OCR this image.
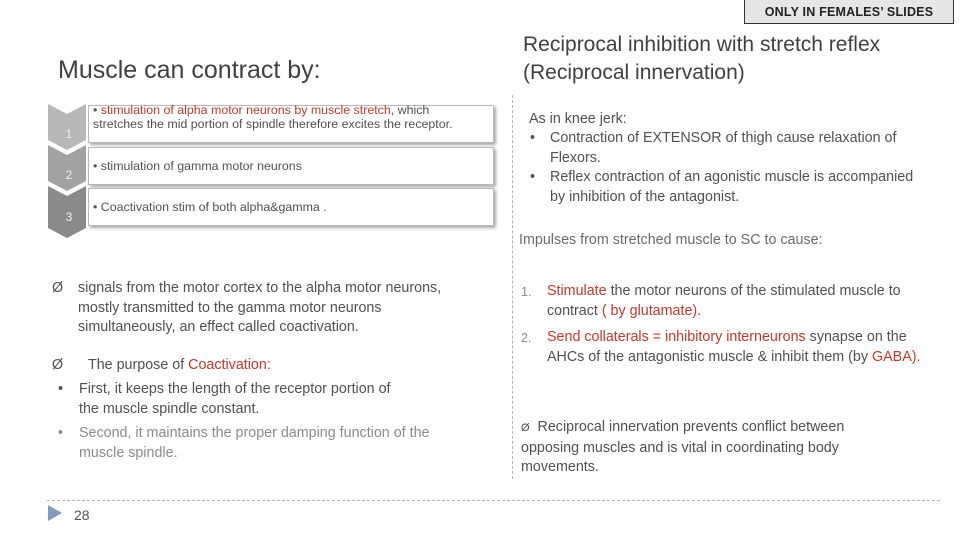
ONLY IN FEMALES’ SLIDES
Muscle can contract by:
Reciprocal inhibition with stretch reflex (Reciprocal innervation)
1
2
3
• stimulation of alpha motor neurons by muscle stretch, which stretches the mid portion of spindle therefore excites the receptor.
• stimulation of gamma motor neurons
• Coactivation stim of both alpha&gamma .
Ø	signals from the motor cortex to the alpha motor neurons, mostly transmitted to the gamma motor neurons simultaneously, an effect called coactivation.
Ø	The purpose of Coactivation:
•	First, it keeps the length of the receptor portion of the muscle spindle constant.
•	Second, it maintains the proper damping function of the muscle spindle.
As in knee jerk:
•	Contraction of EXTENSOR of thigh cause relaxation of Flexors.
•	Reflex contraction of an agonistic muscle is accompanied by inhibition of the antagonist.
Impulses from stretched muscle to SC to cause:
1.	Stimulate the motor neurons of the stimulated muscle to contract ( by glutamate).
2.	Send collaterals = inhibitory interneurons synapse on the AHCs of the antagonistic muscle & inhibit them (by GABA).
Ø Reciprocal innervation prevents conflict between opposing muscles and is vital in coordinating body movements.
28
